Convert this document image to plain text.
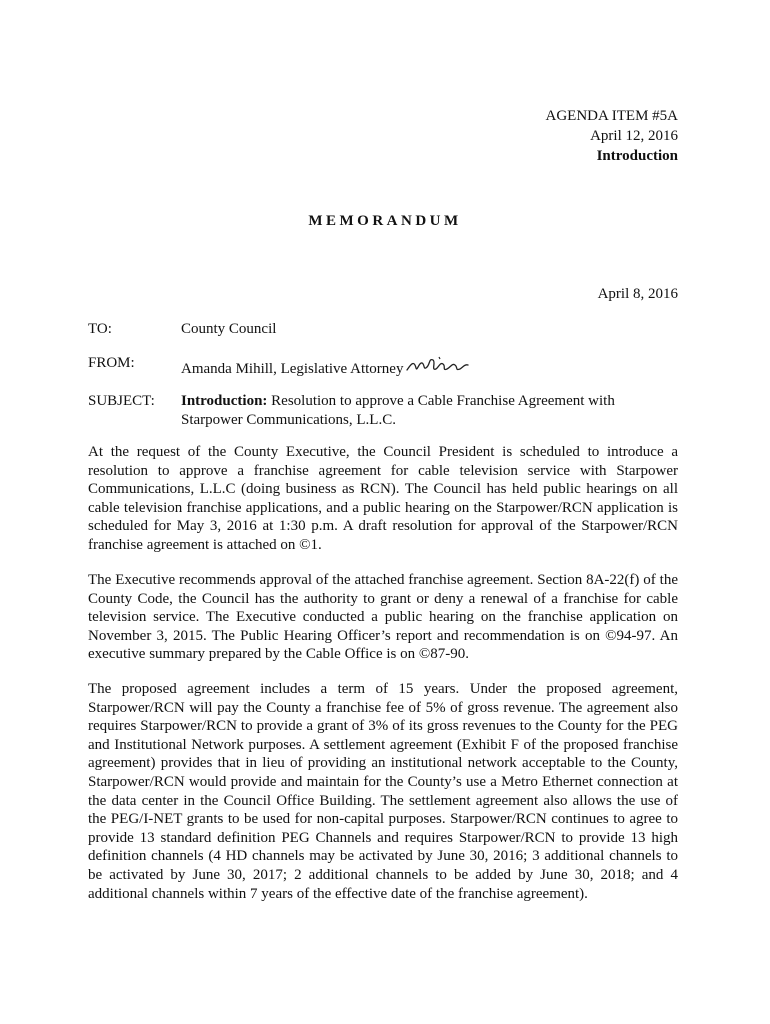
AGENDA ITEM #5A
April 12, 2016
Introduction
MEMORANDUM
April 8, 2016
TO:	County Council
FROM:	Amanda Mihill, Legislative Attorney
SUBJECT: Introduction: Resolution to approve a Cable Franchise Agreement with Starpower Communications, L.L.C.

At the request of the County Executive, the Council President is scheduled to introduce a resolution to approve a franchise agreement for cable television service with Starpower Communications, L.L.C (doing business as RCN). The Council has held public hearings on all cable television franchise applications, and a public hearing on the Starpower/RCN application is scheduled for May 3, 2016 at 1:30 p.m. A draft resolution for approval of the Starpower/RCN franchise agreement is attached on ©1.

The Executive recommends approval of the attached franchise agreement. Section 8A-22(f) of the County Code, the Council has the authority to grant or deny a renewal of a franchise for cable television service. The Executive conducted a public hearing on the franchise application on November 3, 2015. The Public Hearing Officer’s report and recommendation is on ©94-97. An executive summary prepared by the Cable Office is on ©87-90.

The proposed agreement includes a term of 15 years. Under the proposed agreement, Starpower/RCN will pay the County a franchise fee of 5% of gross revenue. The agreement also requires Starpower/RCN to provide a grant of 3% of its gross revenues to the County for the PEG and Institutional Network purposes. A settlement agreement (Exhibit F of the proposed franchise agreement) provides that in lieu of providing an institutional network acceptable to the County, Starpower/RCN would provide and maintain for the County’s use a Metro Ethernet connection at the data center in the Council Office Building. The settlement agreement also allows the use of the PEG/I-NET grants to be used for non-capital purposes. Starpower/RCN continues to agree to provide 13 standard definition PEG Channels and requires Starpower/RCN to provide 13 high definition channels (4 HD channels may be activated by June 30, 2016; 3 additional channels to be activated by June 30, 2017; 2 additional channels to be added by June 30, 2018; and 4 additional channels within 7 years of the effective date of the franchise agreement).
